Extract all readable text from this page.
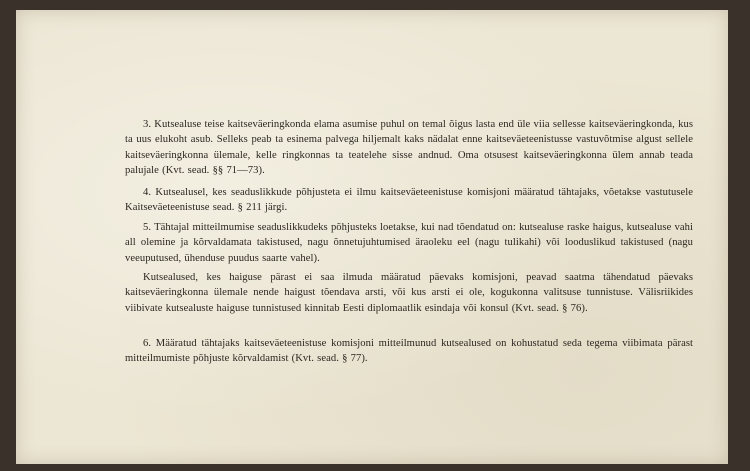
3. Kutsealuse teise kaitseväeringkonda elama asumise puhul on temal õigus lasta end üle viia sellesse kaitseväeringkonda, kus ta uus elukoht asub. Selleks peab ta esinema palvega hiljemalt kaks nädalat enne kaitseväeteenistusse vastuvõtmise algust sellele kaitseväeringkonna ülemale, kelle ringkonnas ta teatelehe sisse andnud. Oma otsusest kaitseväeringkonna ülem annab teada palujale (Kvt. sead. §§ 71—73).

4. Kutsealusel, kes seaduslikkude põhjusteta ei ilmu kaitseväeteenistuse komisjoni määratud tähtajaks, võetakse vastutusele Kaitseväeteenistuse sead. § 211 järgi.

5. Tähtajal mitteilmumise seaduslikkudeks põhjusteks loetakse, kui nad tõendatud on: kutsealuse raske haigus, kutsealuse vahi all olemine ja kõrvaldamata takistused, nagu õnnetujuhtumised äraoleku eel (nagu tulikahi) või looduslikud takistused (nagu veeuputused, ühenduse puudus saarte vahel).

Kutsealused, kes haiguse pärast ei saa ilmuda määratud päevaks komisjoni, peavad saatma tähendatud päevaks kaitseväeringkonna ülemale nende haigust tõendava arsti, või kus arsti ei ole, kogukonna valitsuse tunnistuse. Välisriikides viibivate kutsealuste haiguse tunnistused kinnitab Eesti diplomaatlik esindaja või konsul (Kvt. sead. § 76).

6. Määratud tähtajaks kaitseväeteenistuse komisjoni mitteilmunud kutsealused on kohustatud seda tegema viibimata pärast mitteilmumiste põhjuste kõrvaldamist (Kvt. sead. § 77).
